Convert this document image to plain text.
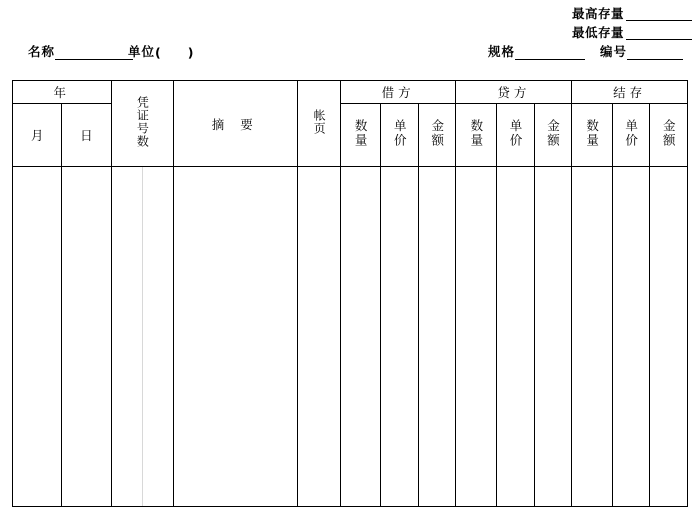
最高存量
最低存量
名称	单位 ( )	规格	编号
年		凭证号数	摘 要	帐页	借方			贷方			结存		
月	日				数量	单价	金额	数量	单价	金额	数量	单价	金额
